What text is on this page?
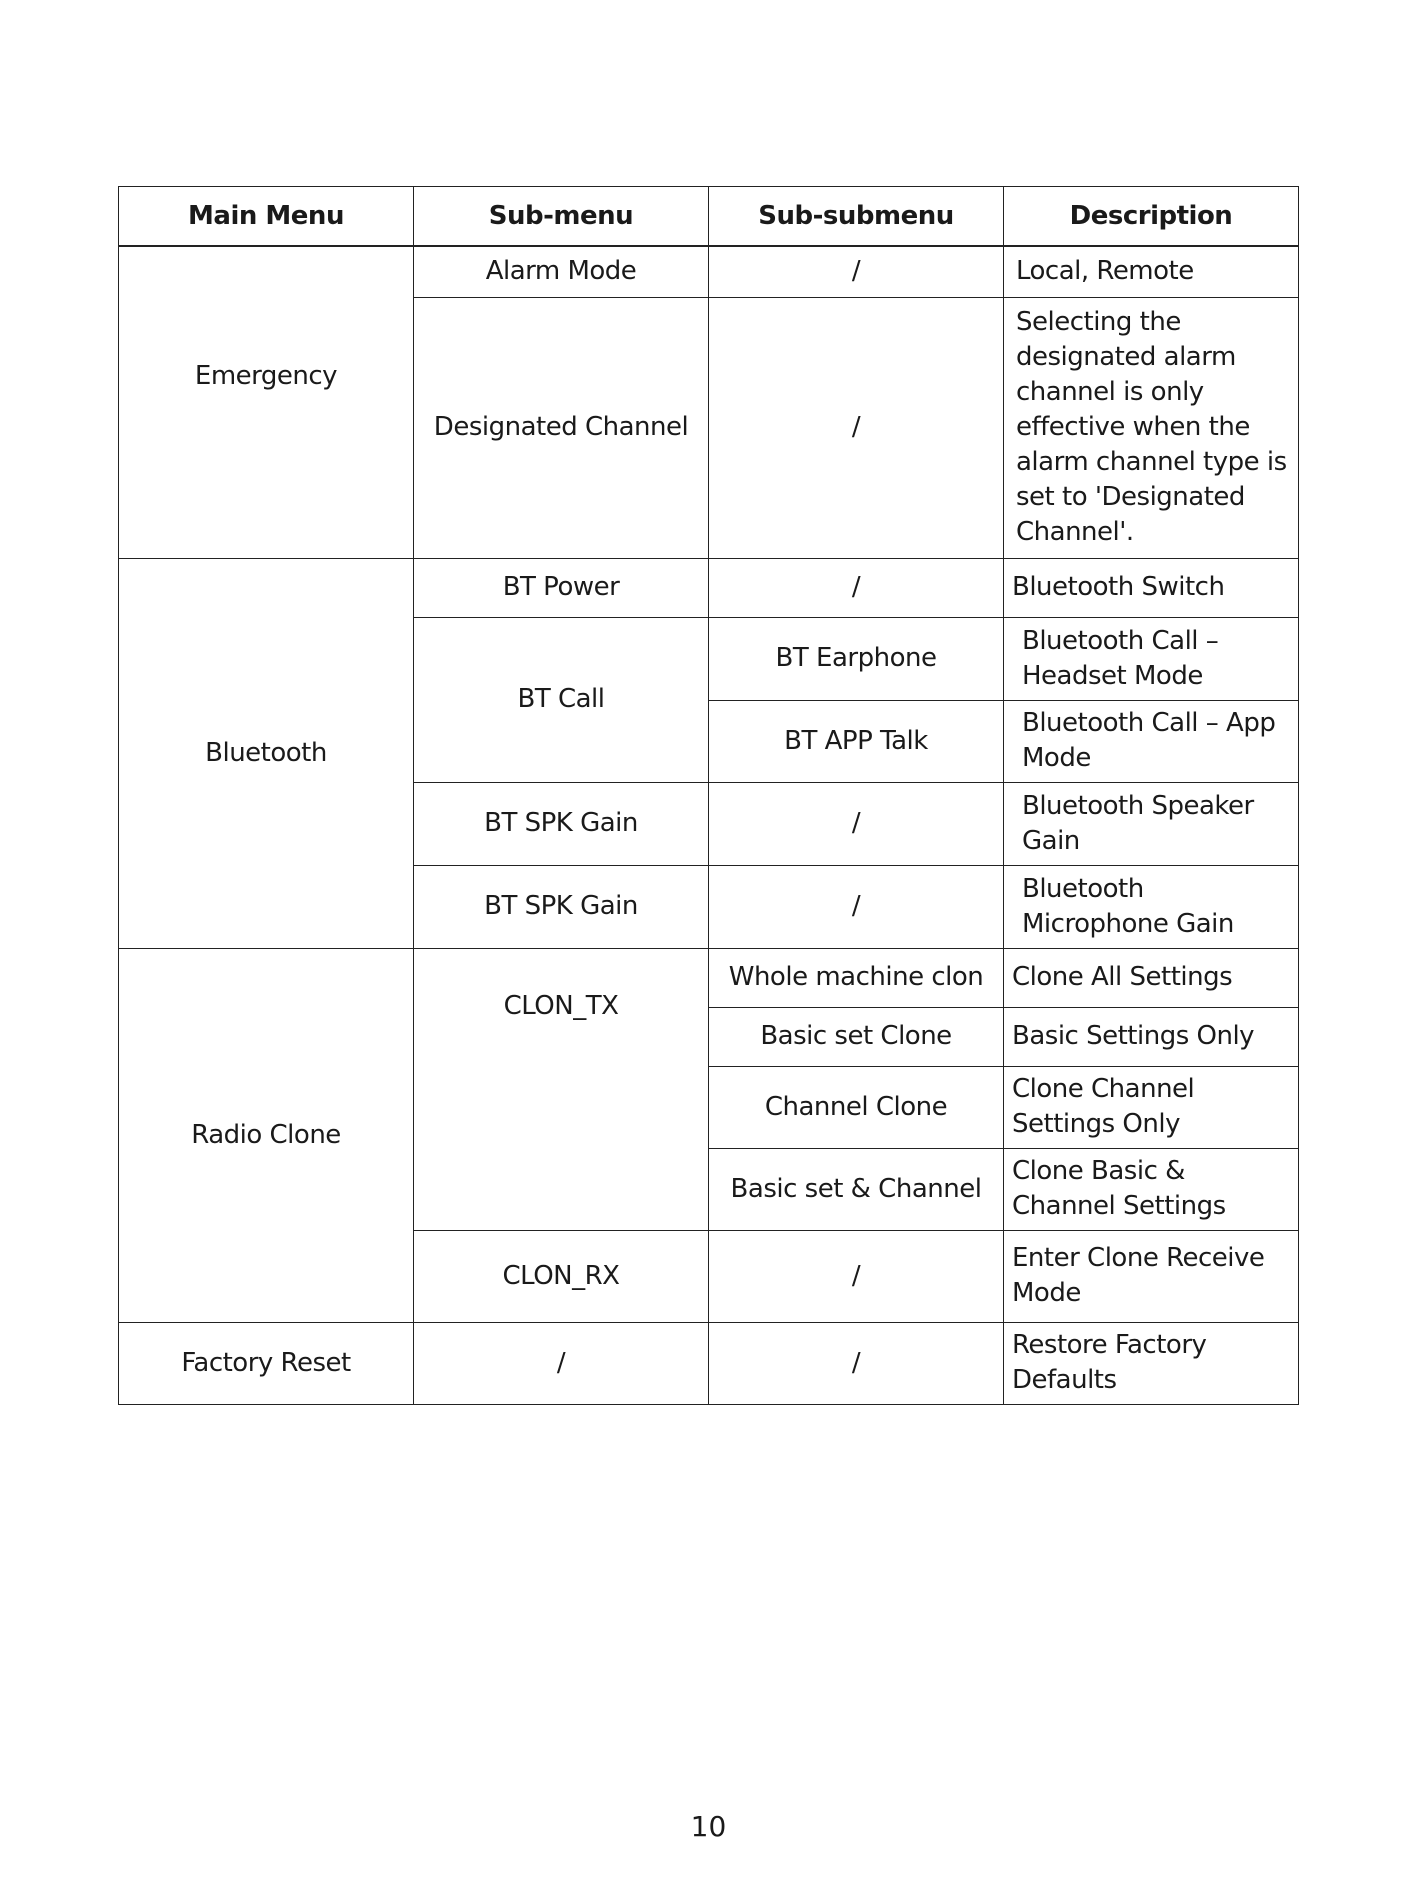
Main Menu	Sub-menu	Sub-submenu	Description
Emergency	Alarm Mode	/	Local, Remote
	Designated Channel	/	Selecting the designated alarm channel is only effective when the alarm channel type is set to 'Designated Channel'.
Bluetooth	BT Power	/	Bluetooth Switch
	BT Call	BT Earphone	Bluetooth Call – Headset Mode
		BT APP Talk	Bluetooth Call – App Mode
	BT SPK Gain	/	Bluetooth Speaker Gain
	BT SPK Gain	/	Bluetooth Microphone Gain
Radio Clone	CLON_TX	Whole machine clon	Clone All Settings
		Basic set Clone	Basic Settings Only
		Channel Clone	Clone Channel Settings Only
		Basic set & Channel	Clone Basic & Channel Settings
	CLON_RX	/	Enter Clone Receive Mode
Factory Reset	/	/	Restore Factory Defaults
10
